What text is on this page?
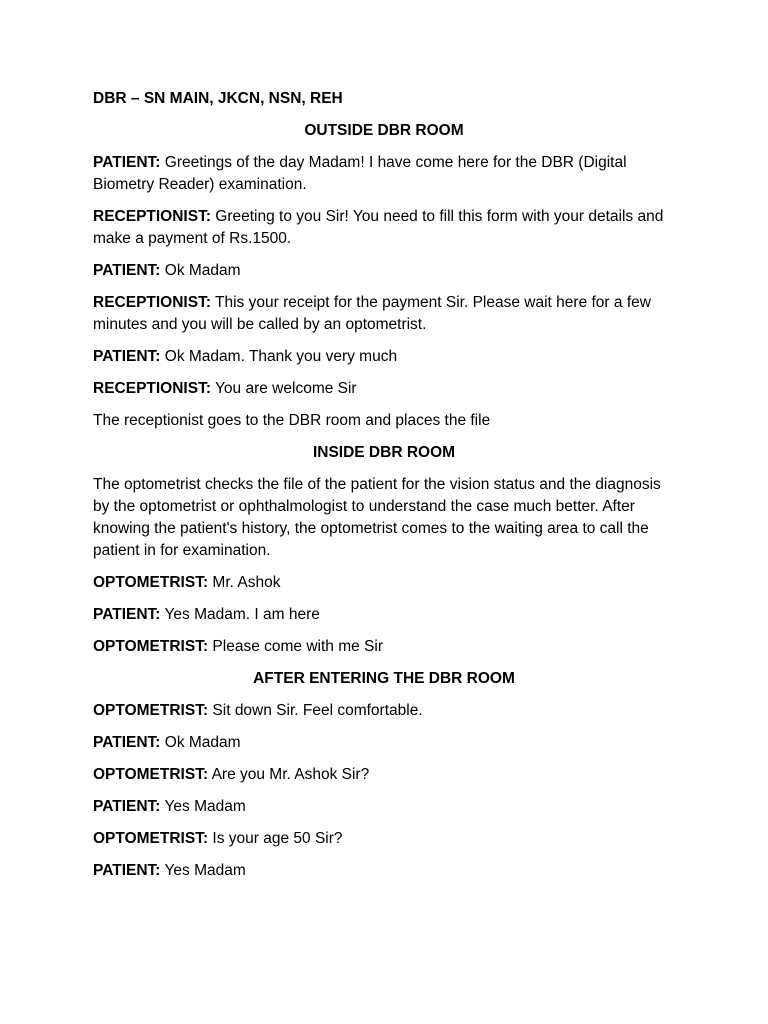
DBR – SN MAIN, JKCN, NSN, REH

OUTSIDE DBR ROOM

PATIENT: Greetings of the day Madam! I have come here for the DBR (Digital Biometry Reader) examination.

RECEPTIONIST: Greeting to you Sir! You need to fill this form with your details and make a payment of Rs.1500.

PATIENT: Ok Madam

RECEPTIONIST: This your receipt for the payment Sir. Please wait here for a few minutes and you will be called by an optometrist.

PATIENT: Ok Madam. Thank you very much

RECEPTIONIST: You are welcome Sir

The receptionist goes to the DBR room and places the file

INSIDE DBR ROOM

The optometrist checks the file of the patient for the vision status and the diagnosis by the optometrist or ophthalmologist to understand the case much better. After knowing the patient's history, the optometrist comes to the waiting area to call the patient in for examination.

OPTOMETRIST: Mr. Ashok

PATIENT: Yes Madam. I am here

OPTOMETRIST: Please come with me Sir

AFTER ENTERING THE DBR ROOM

OPTOMETRIST: Sit down Sir. Feel comfortable.

PATIENT: Ok Madam

OPTOMETRIST: Are you Mr. Ashok Sir?

PATIENT: Yes Madam

OPTOMETRIST: Is your age 50 Sir?

PATIENT: Yes Madam
